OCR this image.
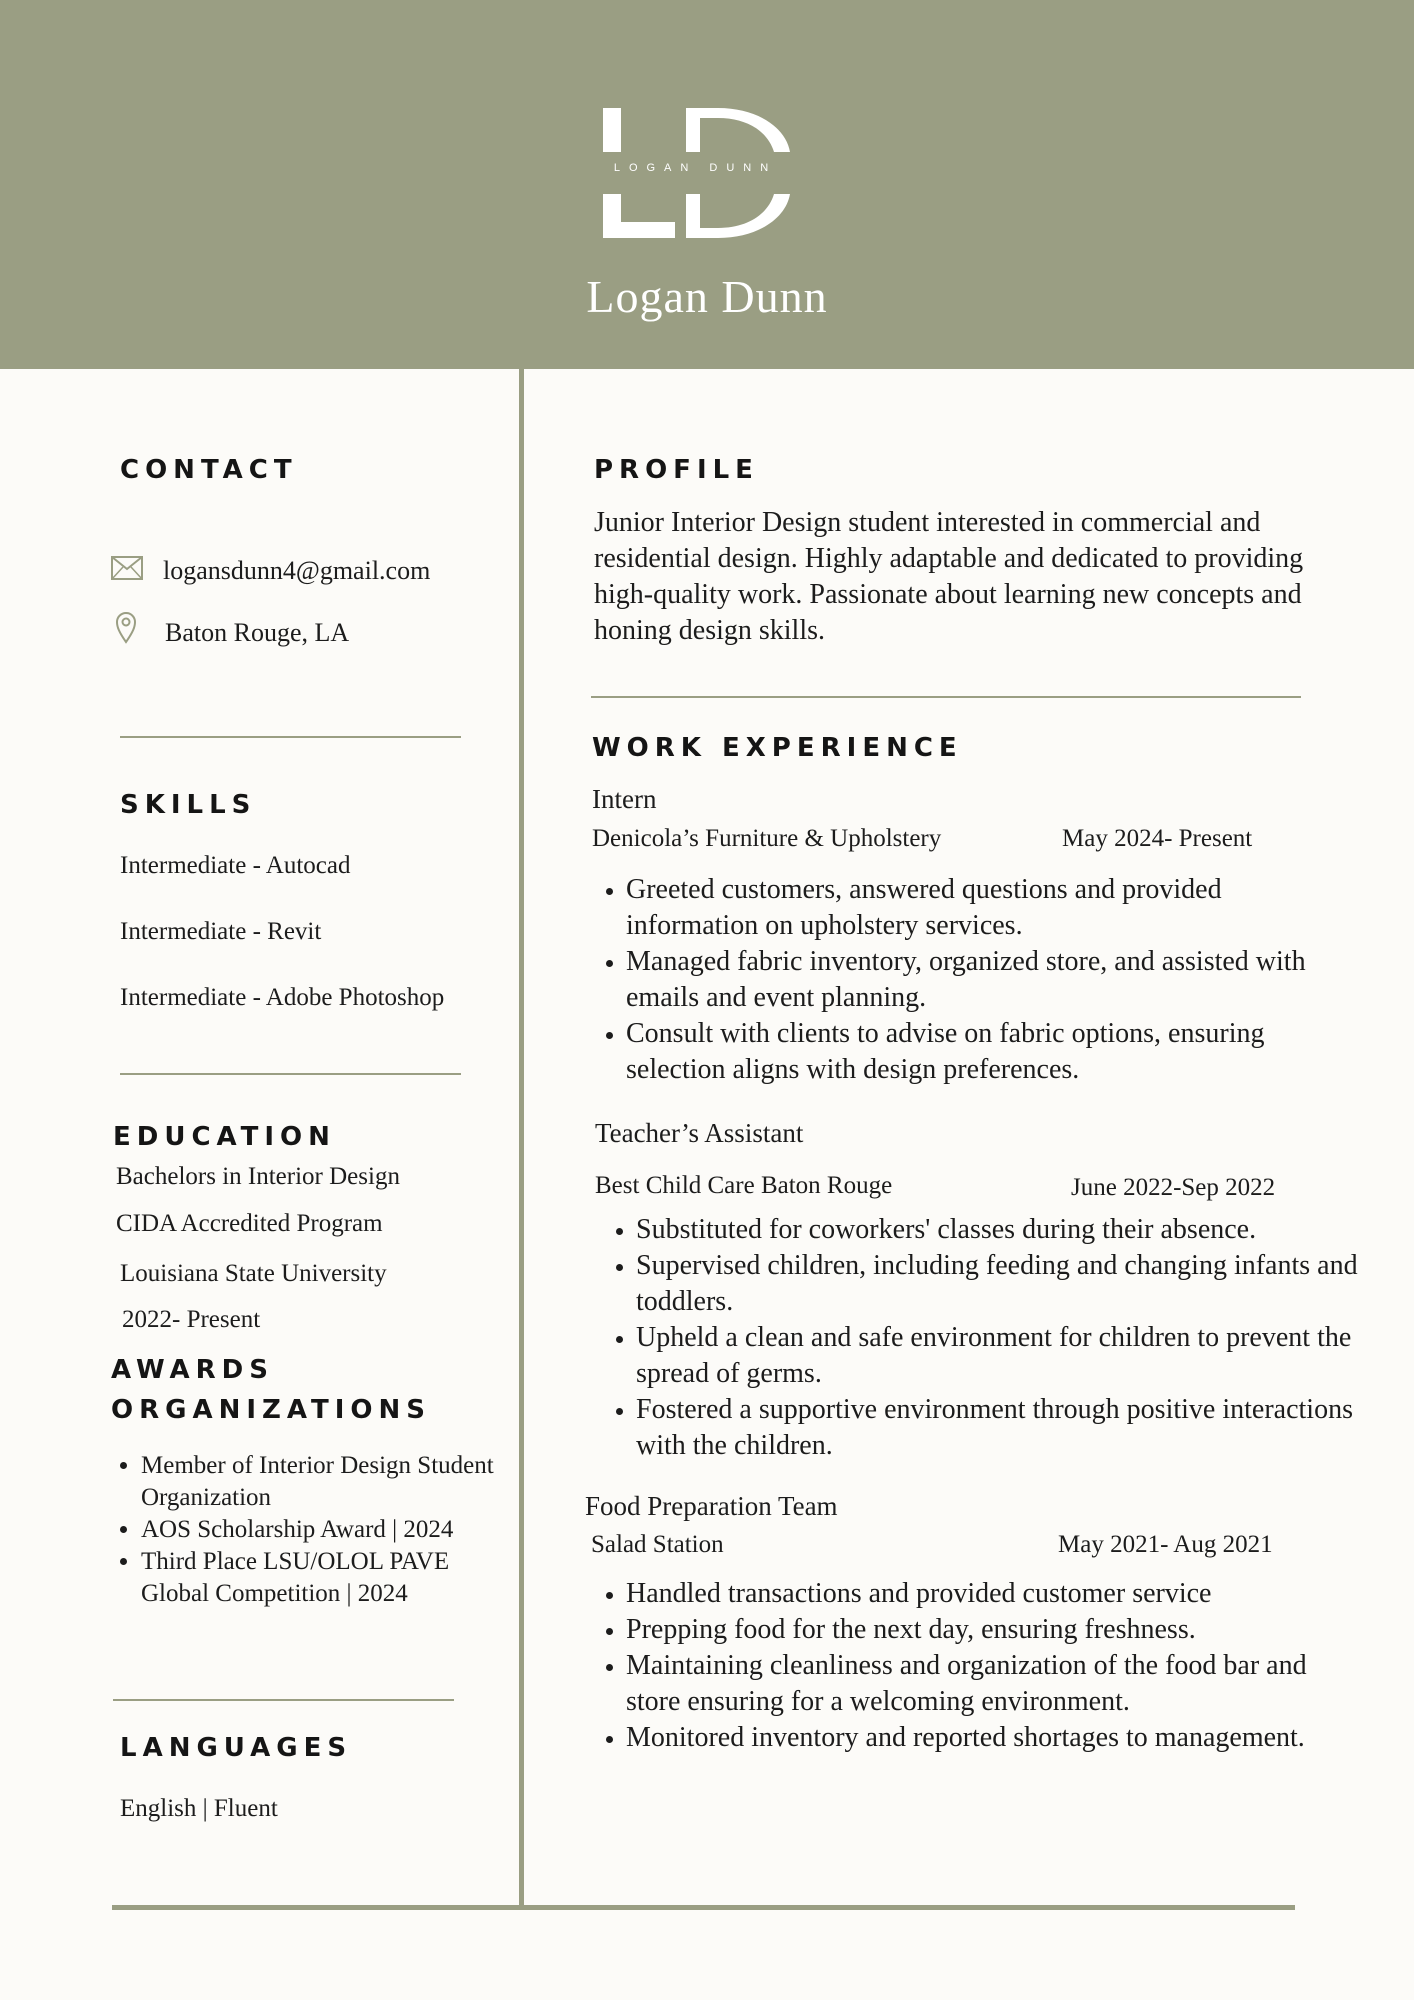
LOGAN DUNN
Logan Dunn
CONTACT
logansdunn4@gmail.com

Baton Rouge, LA

SKILLS

Intermediate - Autocad

Intermediate - Revit

Intermediate - Adobe Photoshop

EDUCATION

Bachelors in Interior Design

CIDA Accredited Program

Louisiana State University

2022- Present

AWARDS
ORGANIZATIONS
• Member of Interior Design Student Organization
• AOS Scholarship Award | 2024
• Third Place LSU/OLOL PAVE Global Competition | 2024
LANGUAGES

English | Fluent

PROFILE

Junior Interior Design student interested in commercial and residential design. Highly adaptable and dedicated to providing high-quality work. Passionate about learning new concepts and honing design skills.

WORK EXPERIENCE

Intern

Denicola’s Furniture & Upholstery	May 2024- Present

• Greeted customers, answered questions and provided information on upholstery services.
• Managed fabric inventory, organized store, and assisted with emails and event planning.
• Consult with clients to advise on fabric options, ensuring selection aligns with design preferences.

Teacher’s Assistant

Best Child Care Baton Rouge	June 2022-Sep 2022

• Substituted for coworkers' classes during their absence.
• Supervised children, including feeding and changing infants and toddlers.
• Upheld a clean and safe environment for children to prevent the spread of germs.
• Fostered a supportive environment through positive interactions with the children.

Food Preparation Team

Salad Station	May 2021- Aug 2021

• Handled transactions and provided customer service
• Prepping food for the next day, ensuring freshness.
• Maintaining cleanliness and organization of the food bar and store ensuring for a welcoming environment.
• Monitored inventory and reported shortages to management.
